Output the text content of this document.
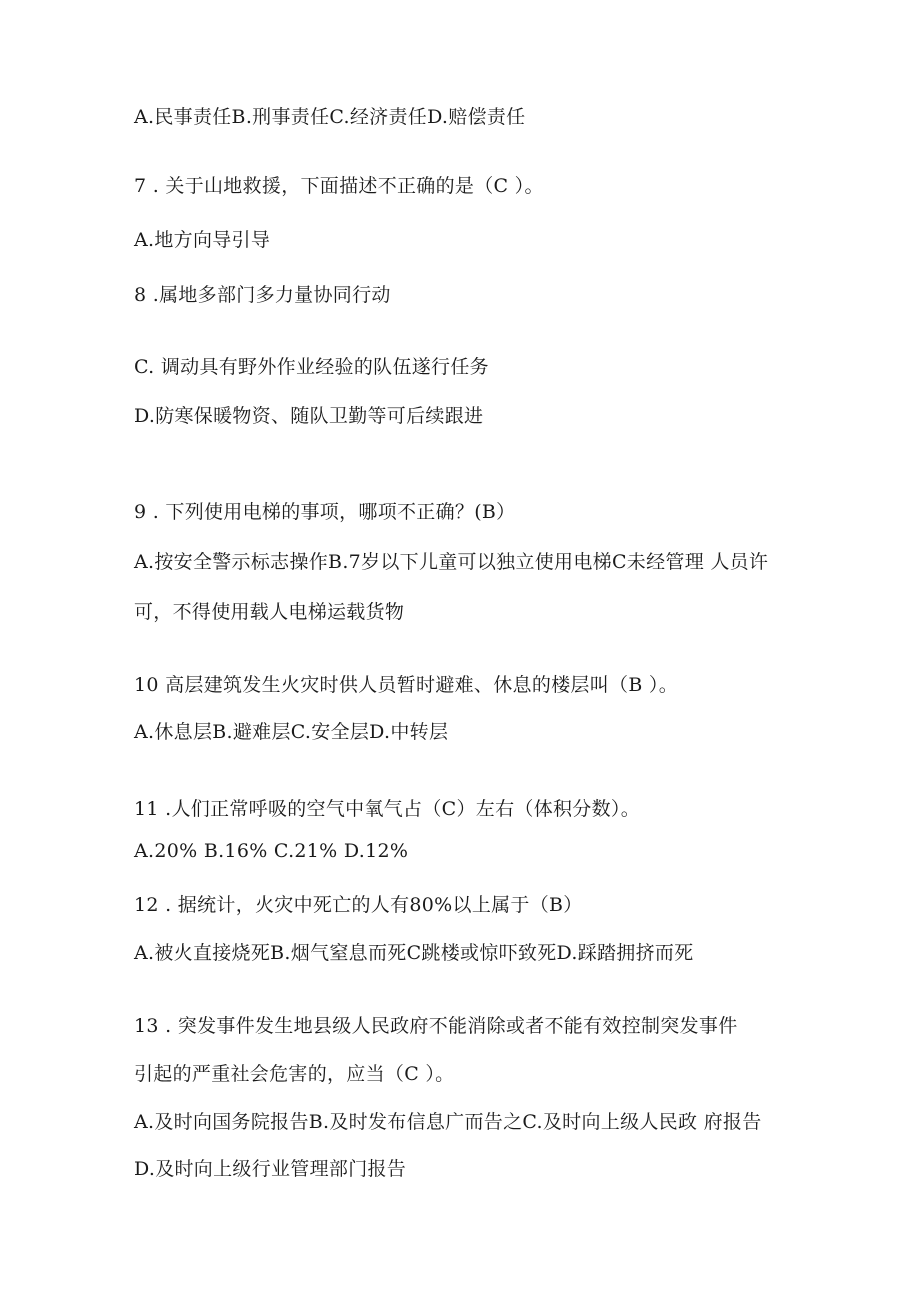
A.民事责任B.刑事责任C.经济责任D.赔偿责任
7 . 关于山地救援，下面描述不正确的是（C ）。
A.地方向导引导
8 .属地多部门多力量协同行动
C. 调动具有野外作业经验的队伍遂行任务
D.防寒保暖物资、随队卫勤等可后续跟进
9 . 下列使用电梯的事项，哪项不正确？(B）
A.按安全警示标志操作B.7岁以下儿童可以独立使用电梯C未经管理 人员许
可，不得使用载人电梯运载货物
10 高层建筑发生火灾时供人员暂时避难、休息的楼层叫（B ）。
A.休息层B.避难层C.安全层D.中转层
11 .人们正常呼吸的空气中氧气占（C）左右（体积分数）。
A.20% B.16% C.21% D.12%
12 . 据统计，火灾中死亡的人有80%以上属于（B）
A.被火直接烧死B.烟气窒息而死C跳楼或惊吓致死D.踩踏拥挤而死
13 . 突发事件发生地县级人民政府不能消除或者不能有效控制突发事件
引起的严重社会危害的，应当（C ）。
A.及时向国务院报告B.及时发布信息广而告之C.及时向上级人民政 府报告
D.及时向上级行业管理部门报告
